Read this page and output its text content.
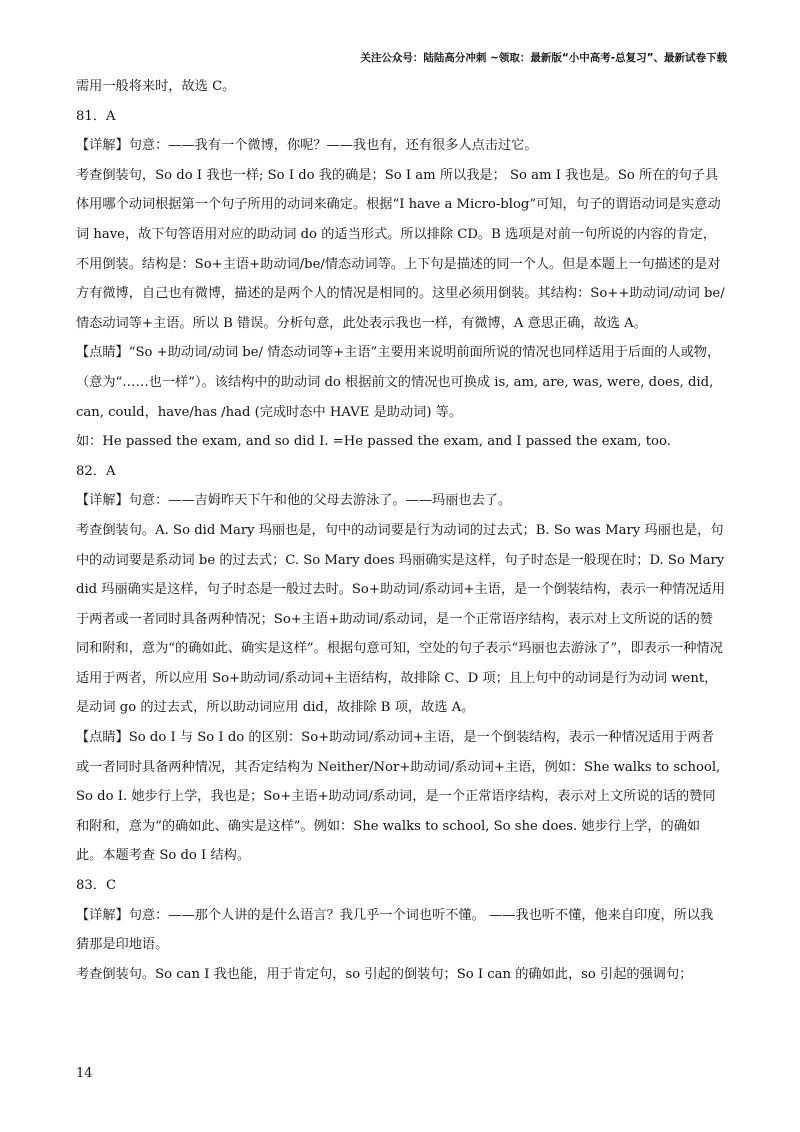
关注公众号：陆陆高分冲刺 ~领取：最新版“小中高考-总复习”、最新试卷下载

需用一般将来时，故选 C。

81．A

【详解】句意：——我有一个微博，你呢？——我也有，还有很多人点击过它。

考查倒装句，So do I 我也一样; So I do 我的确是；So I am 所以我是； So am I 我也是。So 所在的句子具体用哪个动词根据第一个句子所用的动词来确定。根据“I have a Micro-blog”可知，句子的谓语动词是实意动词 have，故下句答语用对应的助动词 do 的适当形式。所以排除 CD。B 选项是对前一句所说的内容的肯定，不用倒装。结构是：So+主语+助动词/be/情态动词等。上下句是描述的同一个人。但是本题上一句描述的是对方有微博，自己也有微博，描述的是两个人的情况是相同的。这里必须用倒装。其结构：So++助动词/动词 be/ 情态动词等+主语。所以 B 错误。分析句意，此处表示我也一样，有微博，A 意思正确，故选 A。

【点睛】“So +助动词/动词 be/ 情态动词等+主语”主要用来说明前面所说的情况也同样适用于后面的人或物，（意为“……也一样”）。该结构中的助动词 do 根据前文的情况也可换成 is, am, are, was, were, does, did, can, could，have/has /had (完成时态中 HAVE 是助动词) 等。

如：He passed the exam, and so did I. =He passed the exam, and I passed the exam, too.

82．A

【详解】句意：——吉姆昨天下午和他的父母去游泳了。——玛丽也去了。

考查倒装句。A. So did Mary 玛丽也是，句中的动词要是行为动词的过去式；B. So was Mary 玛丽也是，句中的动词要是系动词 be 的过去式；C. So Mary does 玛丽确实是这样，句子时态是一般现在时；D. So Mary did 玛丽确实是这样，句子时态是一般过去时。So+助动词/系动词+主语，是一个倒装结构，表示一种情况适用于两者或一者同时具备两种情况；So+主语+助动词/系动词，是一个正常语序结构，表示对上文所说的话的赞同和附和，意为“的确如此、确实是这样”。根据句意可知，空处的句子表示“玛丽也去游泳了”，即表示一种情况适用于两者，所以应用 So+助动词/系动词+主语结构，故排除 C、D 项；且上句中的动词是行为动词 went，是动词 go 的过去式，所以助动词应用 did，故排除 B 项，故选 A。

【点睛】So do I 与 So I do 的区别：So+助动词/系动词+主语，是一个倒装结构，表示一种情况适用于两者或一者同时具备两种情况，其否定结构为 Neither/Nor+助动词/系动词+主语，例如：She walks to school, So do I. 她步行上学，我也是；So+主语+助动词/系动词，是一个正常语序结构，表示对上文所说的话的赞同和附和，意为“的确如此、确实是这样”。例如：She walks to school, So she does. 她步行上学，的确如此。本题考查 So do I 结构。

83．C

【详解】句意：——那个人讲的是什么语言？我几乎一个词也听不懂。 ——我也听不懂，他来自印度，所以我猜那是印地语。

考查倒装句。So can I 我也能，用于肯定句，so 引起的倒装句；So I can 的确如此，so 引起的强调句；

14
